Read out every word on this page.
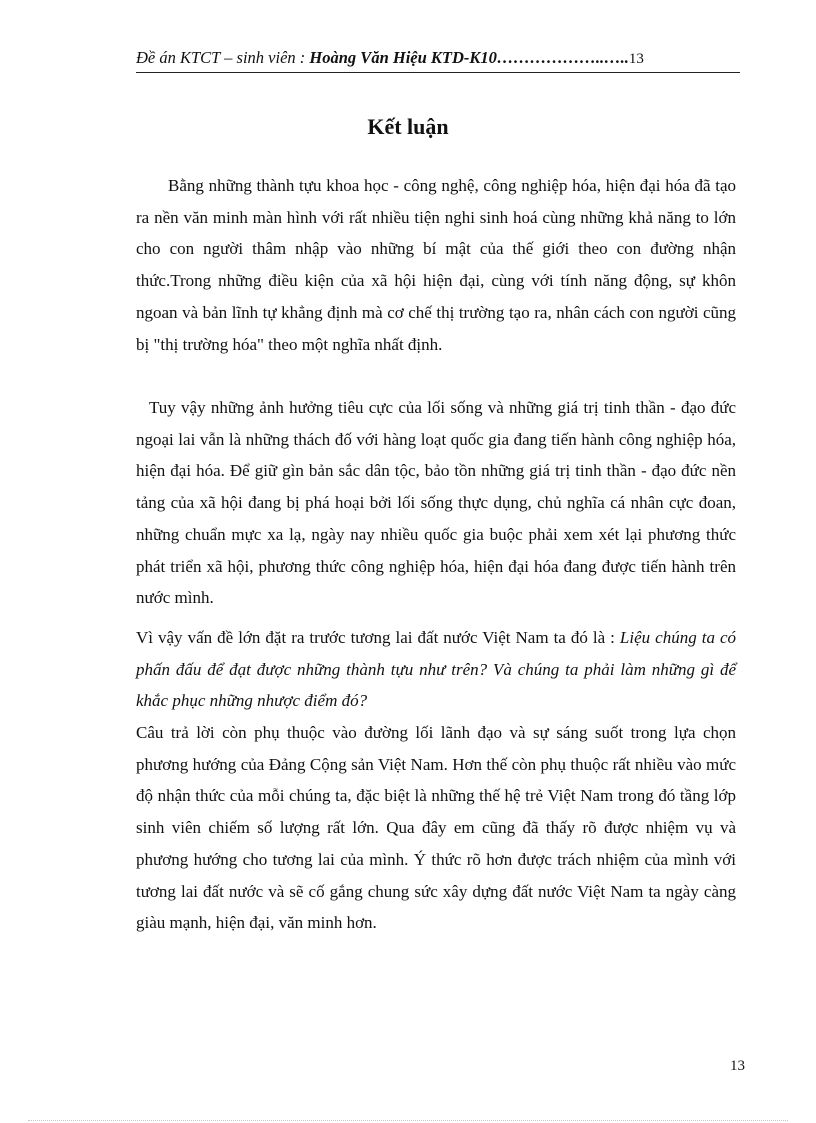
Đề án KTCT – sinh viên : Hoàng Văn Hiệu KTD-K10………………..…..13
Kết luận

Bằng những thành tựu khoa học - công nghệ, công nghiệp hóa, hiện đại hóa đã tạo ra nền văn minh màn hình với rất nhiều tiện nghi sinh hoá cùng những khả năng to lớn cho con người thâm nhập vào những bí mật của thế giới theo con đường nhận thức.Trong những điều kiện của xã hội hiện đại, cùng với tính năng động, sự khôn ngoan và bản lĩnh tự khẳng định mà cơ chế thị trường tạo ra, nhân cách con người cũng bị "thị trường hóa" theo một nghĩa nhất định.

Tuy vậy những ảnh hưởng tiêu cực của lối sống và những giá trị tinh thần - đạo đức ngoại lai vẫn là những thách đố với hàng loạt quốc gia đang tiến hành công nghiệp hóa, hiện đại hóa. Để giữ gìn bản sắc dân tộc, bảo tồn những giá trị tinh thần - đạo đức nền tảng của xã hội đang bị phá hoại bởi lối sống thực dụng, chủ nghĩa cá nhân cực đoan, những chuẩn mực xa lạ, ngày nay nhiều quốc gia buộc phải xem xét lại phương thức phát triển xã hội, phương thức công nghiệp hóa, hiện đại hóa đang được tiến hành trên nước mình.

Vì vậy vấn đề lớn đặt ra trước tương lai đất nước Việt Nam ta đó là : Liệu chúng ta có phấn đấu để đạt được những thành tựu như trên? Và chúng ta phải làm những gì để khắc phục những nhược điểm đó?

Câu trả lời còn phụ thuộc vào đường lối lãnh đạo và sự sáng suốt trong lựa chọn phương hướng của Đảng Cộng sản Việt Nam. Hơn thế còn phụ thuộc rất nhiều vào mức độ nhận thức của mỗi chúng ta, đặc biệt là những thế hệ trẻ Việt Nam trong đó tầng lớp sinh viên chiếm số lượng rất lớn. Qua đây em cũng đã thấy rõ được nhiệm vụ và phương hướng cho tương lai của mình. Ý thức rõ hơn được trách nhiệm của mình với tương lai đất nước và sẽ cố gắng chung sức xây dựng đất nước Việt Nam ta ngày càng giàu mạnh, hiện đại, văn minh hơn.

13
